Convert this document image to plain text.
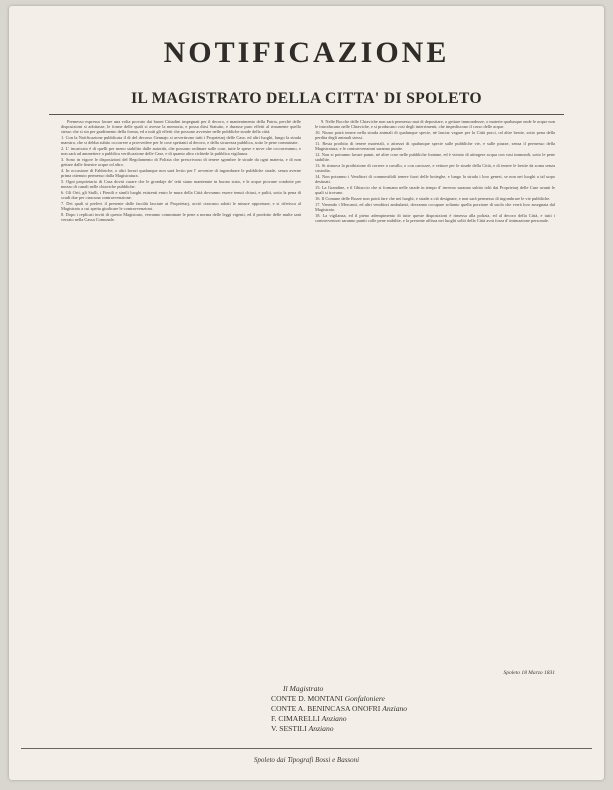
NOTIFICAZIONE
IL MAGISTRATO DELLA CITTA' DI SPOLETO
Premesso espresso lavare una volta provato dai buoni Cittadini impegnati per il decoro, e mantenimento della Patria, perchè delle disposizioni si adottasse, le forme delle quali si avesse la memoria, e possa dirsi Statuito, e durasse puro effetti al rimanente quello stesso che si sta per gradimento della forma, ed a tutti gli effetti che possono avvenire nelle pubbliche strade della città.
1. Con la Notificazione pubblicata il di del decorso Gennajo si avvertirono tutti i Proprietarj delle Case, ed altri luoghi, lungo la strada maestra, che si debba subito occorrere a provvedere per le cose spettanti al decoro, e della sicurezza pubblica, sotto le pene comminate.
2. L' incaricato è di quelli per meno stabilito dalle autorità, che possono ordinare sulle cose, tutte le spese e nove che occorreranno, e non sarà ad ammettere a pubblica verificazione delle Case, e di quanto altro richiede la pubblica vigilanza.
3. Sono in vigore le disposizioni del Regolamento di Polizia che prescrivono di tenere sgombre le strade da ogni materia, e di non gettare dalle finestre acque od altro.
4. In occasione di Fabbriche, o altri lavori qualunque non sarà lecito per l' avvenire di ingombrare le pubbliche strade, senza averne prima ottenuto permesso dalla Magistratura.
5. Ogni proprietario di Casa dovrà curare che le grondaje de' tetti siano mantenute in buono stato, e le acque piovane condotte per mezzo di canali nelle chiaviche pubbliche.
6. Gli Orti, gli Stalli, i Fienili e simili luoghi esistenti entro le mura della Città dovranno essere tenuti chiusi, e puliti, sotto la pena di scudi due per ciascuna contravvenzione.
7. Dei quali si prelevi il presente dalle facoltà lasciate ai Proprietarj, acciò ciascuno adotti le misure opportune, e si riferisca al Magistrato a cui spetta giudicare le contravvenzioni.
8. Dopo i replicati inviti di questo Magistrato, verranno comminate le pene a norma delle leggi vigenti, ed il prodotto delle multe sarà versato nella Cassa Comunale.
9. Nelle Bocche delle Chiaviche non sarà permesso mai di depositare, o gettare immondezze, o materie qualunque onde le acque non le introducano nelle Chiaviche, e si producano così degli interrimenti, che impediscono il corso delle acque.
10. Niuno potrà tenere nella strada animali di qualunque specie, nè lasciar vagare per la Città porci, od altre bestie, sotto pena della perdita degli animali stessi.
11. Resta proibito di tenere materiali, o attrezzi di qualunque specie sulle pubbliche vie, e sulle piazze, senza il permesso della Magistratura, e le contravvenzioni saranno punite.
12. Non si potranno lavare panni, nè altre cose nelle pubbliche fontane, ed è vietato di attingere acqua con vasi immondi, sotto le pene stabilite.
13. Si rinnova la proibizione di correre a cavallo, o con carrozze, e vetture per le strade della Città, e di tenere le bestie da soma senza custodia.
14. Non potranno i Venditori di commestibili tenere fuori delle botteghe, e lungo la strada i loro generi, se non nei luoghi a tal uopo destinati.
15. La Grandine, e il Ghiaccio che si formano nelle strade in tempo d' inverno saranno subito tolti dai Proprietarj delle Case avanti le quali si trovano.
16. Il Comune delle Rozze non potrà fare che nei luoghi, e strade a ciò designate, e non sarà permesso di ingombrare le vie pubbliche.
17. Venendo i Mercanti, ed altri venditori ambulanti, dovranno occupare soltanto quella porzione di suolo che verrà loro assegnata dal Magistrato.
18. La vigilanza, ed il pieno adempimento di tutte queste disposizioni è rimessa alla polizia, ed al decoro della Città, e tutti i contravventori saranno puniti colle pene stabilite, e la presente affissa nei luoghi soliti della Città avrà forza d' intimazione personale.
Spoleto 18 Marzo 1831
Il Magistrato
CONTE D. MONTANI Gonfaloniere
CONTE A. BENINCASA ONOFRI Anziano
F. CIMARELLI Anziano
V. SESTILI Anziano
Spoleto dai Tipografi Bossi e Bassoni
